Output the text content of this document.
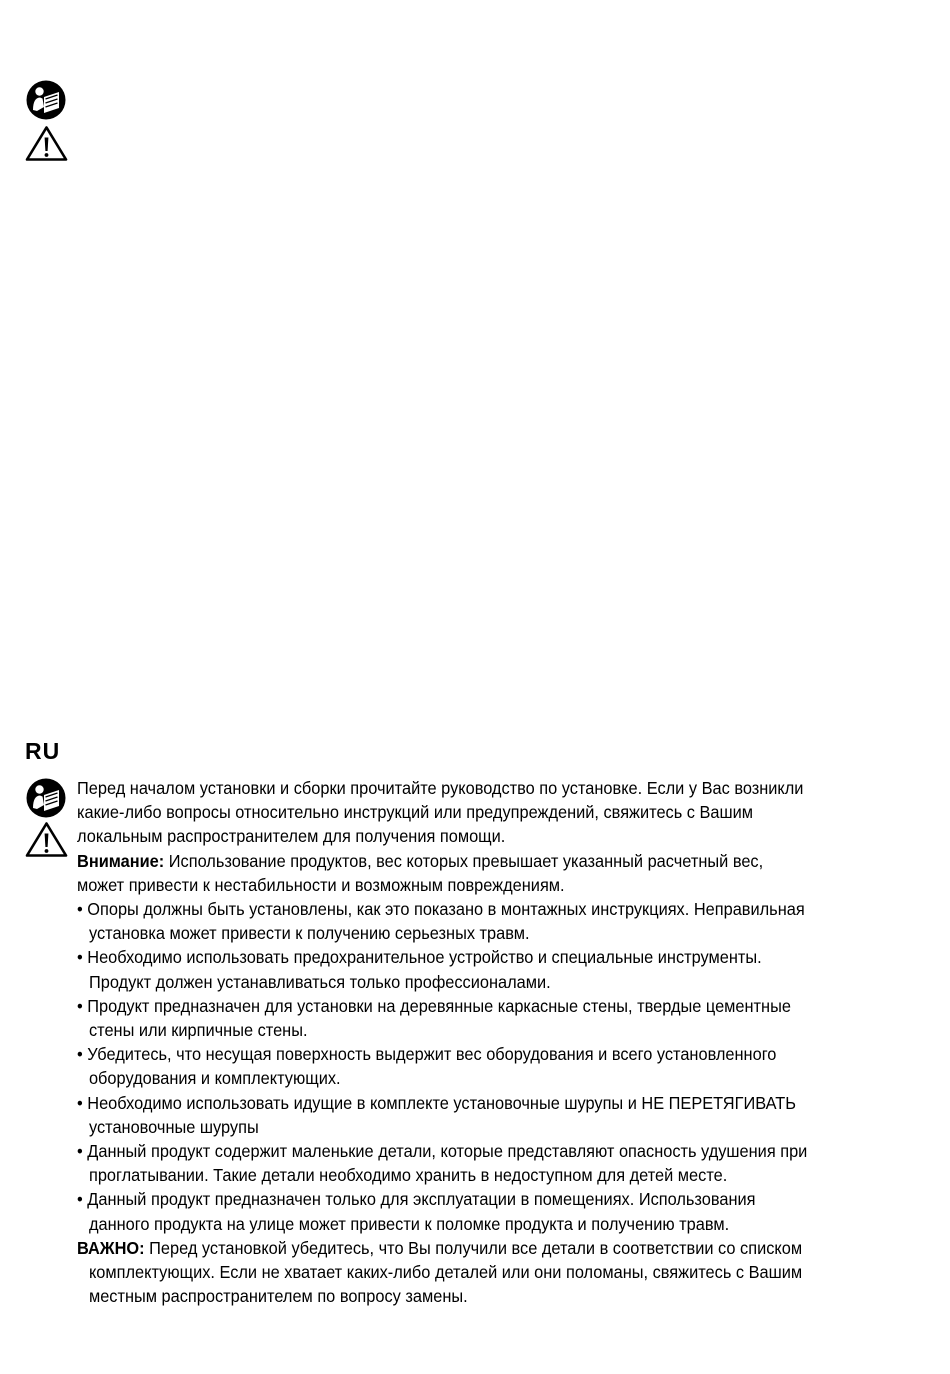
RU
Перед началом установки и сборки прочитайте руководство по установке. Если у Вас возникли
какие-либо вопросы относительно инструкций или предупреждений, свяжитесь с Вашим
локальным распространителем для получения помощи.
Внимание: Использование продуктов, вес которых превышает указанный расчетный вес,
может привести к нестабильности и возможным повреждениям.
• Опоры должны быть установлены, как это показано в монтажных инструкциях. Неправильная
установка может привести к получению серьезных травм.
• Необходимо использовать предохранительное устройство и специальные инструменты.
Продукт должен устанавливаться только профессионалами.
• Продукт предназначен для установки на деревянные каркасные стены, твердые цементные
стены или кирпичные стены.
• Убедитесь, что несущая поверхность выдержит вес оборудования и всего установленного
оборудования и комплектующих.
• Необходимо использовать идущие в комплекте установочные шурупы и НЕ ПЕРЕТЯГИВАТЬ
установочные шурупы
• Данный продукт содержит маленькие детали, которые представляют опасность удушения при
проглатывании. Такие детали необходимо хранить в недоступном для детей месте.
• Данный продукт предназначен только для эксплуатации в помещениях. Использования
данного продукта на улице может привести к поломке продукта и получению травм.
ВАЖНО: Перед установкой убедитесь, что Вы получили все детали в соответствии со списком
комплектующих. Если не хватает каких-либо деталей или они поломаны, свяжитесь с Вашим
местным распространителем по вопросу замены.
